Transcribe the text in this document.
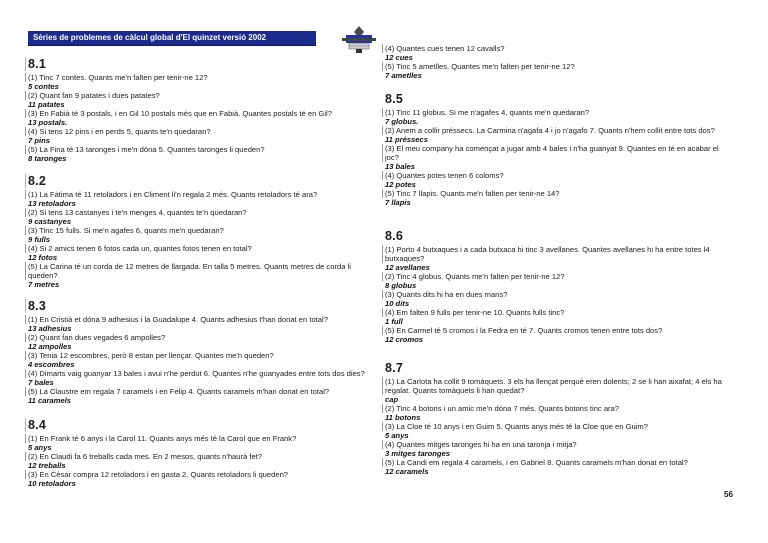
Sèries de problemes de càlcul global d'El quinzet versió 2002
8.1
(1) Tinc 7 contes. Quants me'n falten per tenir-ne 12?
5 contes
(2) Quant fan 9 patates i dues patates?
11 patates
(3) En Fabià té 3 postals, i en Gil 10 postals més que en Fabià. Quantes postals té en Gil?
13 postals.
(4) Si tens 12 pins i en perds 5, quants te'n quedaran?
7 pins
(5) La Fina té 13 taronges i me'n dóna 5. Quantes taronges li queden?
8 taronges
8.2
(1) La Fàtima té 11 retoladors i en Climent li'n regala 2 més. Quants retoladors té ara?
13 retoladors
(2) Si tens 13 castanyes i te'n menges 4, quantes te'n quedaran?
9 castanyes
(3) Tinc 15 fulls. Si me'n agafes 6, quants me'n quedaran?
9 fulls
(4) Si 2 amics tenen 6 fotos cada un, quantes fotos tenen en total?
12 fotos
(5) La Carina té un corda de 12 metres de llargada. En talla 5 metres. Quants metres de corda li queden?
7 metres
8.3
(1) En Cristià et dóna 9 adhesius i la Guadalupe 4. Quants adhesius t'han donat en total?
13 adhesius
(2) Quant fan dues vegades 6 ampolles?
12 ampolles
(3) Tenia 12 escombres, però 8 estan per llençar. Quantes me'n queden?
4 escombres
(4) Dimarts vaig guanyar 13 bales i avui n'he perdut 6. Quantes n'he guanyades entre tots dos dies?
7 bales
(5) La Claustre em regala 7 caramels i en Felip 4. Quants caramels m'han donat en total?
11 caramels
8.4
(1) En Frank té 6 anys i la Carol 11. Quants anys més té la Carol que en Frank?
5 anys
(2) En Claudi fa 6 treballs cada mes. En 2 mesos, quants n'haurà fet?
12 treballs
(3) En Cèsar compra 12 retoladors i en gasta 2. Quants retoladors li queden?
10 retoladors
(4) Quantes cues tenen 12 cavalls?
12 cues
(5) Tinc 5 ametlles. Quantes me'n falten per tenir-ne 12?
7 ametlles
8.5
(1) Tinc 11 globus. Si me n'agafes 4, quants me'n quedaran?
7 globus.
(2) Anem a collir préssecs. La Carmina n'agafa 4 i jo n'agafo 7. Quants n'hem collit entre tots dos?
11 préssecs
(3) El meu company ha començat a jugar amb 4 bales i n'ha guanyat 9. Quantes en té en acabar el joc?
13 bales
(4) Quantes potes tenen 6 coloms?
12 potes
(5) Tinc 7 llapis. Quants me'n falten per tenir-ne 14?
7 llapis
8.6
(1) Porto 4 butxaques i a cada butxaca hi tinc 3 avellanes. Quantes avellanes hi ha entre totes l4 butxaques?
12 avellanes
(2) Tinc 4 globus. Quants me'n falten per tenir-ne 12?
8 globus
(3) Quants dits hi ha en dues mans?
10 dits
(4) Em falten 9 fulls per tenir-ne 10. Quants fulls tinc?
1 full
(5) En Carmel té 5 cromos i la Fedra en té 7. Quants cromos tenen entre tots dos?
12 cromos
8.7
(1) La Carlota ha collit 9 tomàquets. 3 els ha llençat perquè eren dolents; 2 se li han aixafat; 4 els ha regalat. Quants tomàquets li han quedat?
cap
(2) Tinc 4 botons i un amic me'n dóna 7 més. Quants botons tinc ara?
11 botons
(3) La Cloe té 10 anys i en Guim 5. Quants anys més té la Cloe que en Guim?
5 anys
(4) Quantes mitges taronges hi ha en una taronja i mitja?
3 mitges taronges
(5) La Candi em regala 4 caramels, i en Gabriel 8. Quants caramels m'han donat en total?
12 caramels
56
